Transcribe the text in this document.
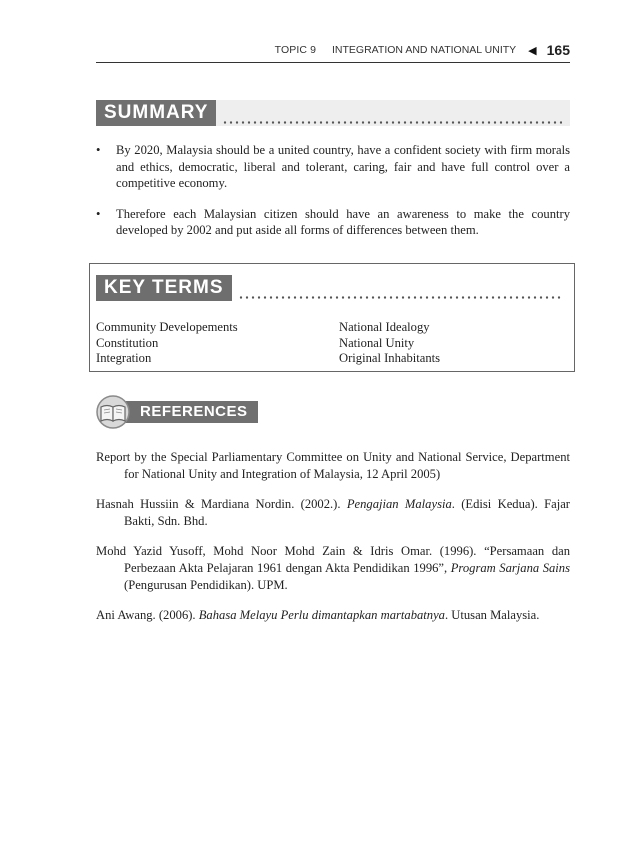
TOPIC 9 INTEGRATION AND NATIONAL UNITY ◀ 165
SUMMARY
• By 2020, Malaysia should be a united country, have a confident society with firm morals and ethics, democratic, liberal and tolerant, caring, fair and have full control over a competitive economy.
• Therefore each Malaysian citizen should have an awareness to make the country developed by 2002 and put aside all forms of differences between them.
KEY TERMS
Community Developements
Constitution
Integration
National Idealogy
National Unity
Original Inhabitants
REFERENCES

Report by the Special Parliamentary Committee on Unity and National Service, Department for National Unity and Integration of Malaysia, 12 April 2005)

Hasnah Hussiin & Mardiana Nordin. (2002.). Pengajian Malaysia. (Edisi Kedua). Fajar Bakti, Sdn. Bhd.

Mohd Yazid Yusoff, Mohd Noor Mohd Zain & Idris Omar. (1996). “Persamaan dan Perbezaan Akta Pelajaran 1961 dengan Akta Pendidikan 1996”, Program Sarjana Sains (Pengurusan Pendidikan). UPM.

Ani Awang. (2006). Bahasa Melayu Perlu dimantapkan martabatnya. Utusan Malaysia.
